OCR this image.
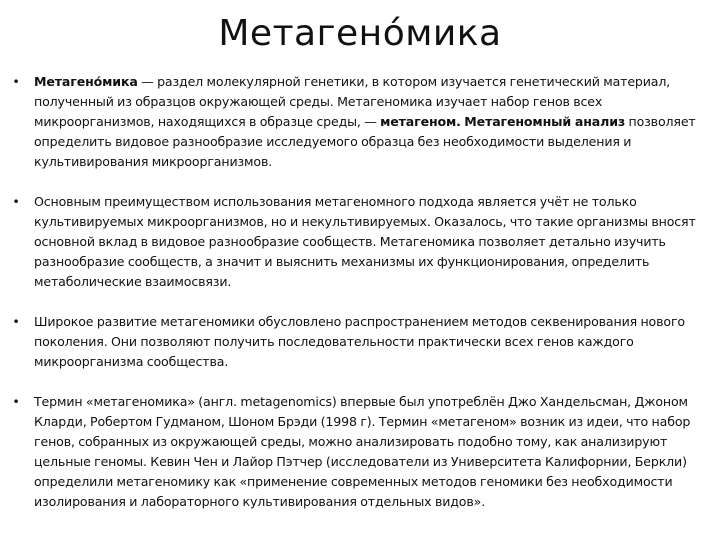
Метагено́мика

• Метагено́мика — раздел молекулярной генетики, в котором изучается генетический материал, полученный из образцов окружающей среды. Метагеномика изучает набор генов всех микроорганизмов, находящихся в образце среды, — метагеном. Метагеномный анализ позволяет определить видовое разнообразие исследуемого образца без необходимости выделения и культивирования микроорганизмов.

• Основным преимуществом использования метагеномного подхода является учёт не только культивируемых микроорганизмов, но и некультивируемых. Оказалось, что такие организмы вносят основной вклад в видовое разнообразие сообществ. Метагеномика позволяет детально изучить разнообразие сообществ, а значит и выяснить механизмы их функционирования, определить метаболические взаимосвязи.

• Широкое развитие метагеномики обусловлено распространением методов секвенирования нового поколения. Они позволяют получить последовательности практически всех генов каждого микроорганизма сообщества.

• Термин «метагеномика» (англ. metagenomics) впервые был употреблён Джо Хандельсман, Джоном Кларди, Робертом Гудманом, Шоном Брэди (1998 г). Термин «метагеном» возник из идеи, что набор генов, собранных из окружающей среды, можно анализировать подобно тому, как анализируют цельные геномы. Кевин Чен и Лайор Пэтчер (исследователи из Университета Калифорнии, Беркли) определили метагеномику как «применение современных методов геномики без необходимости изолирования и лабораторного культивирования отдельных видов».
